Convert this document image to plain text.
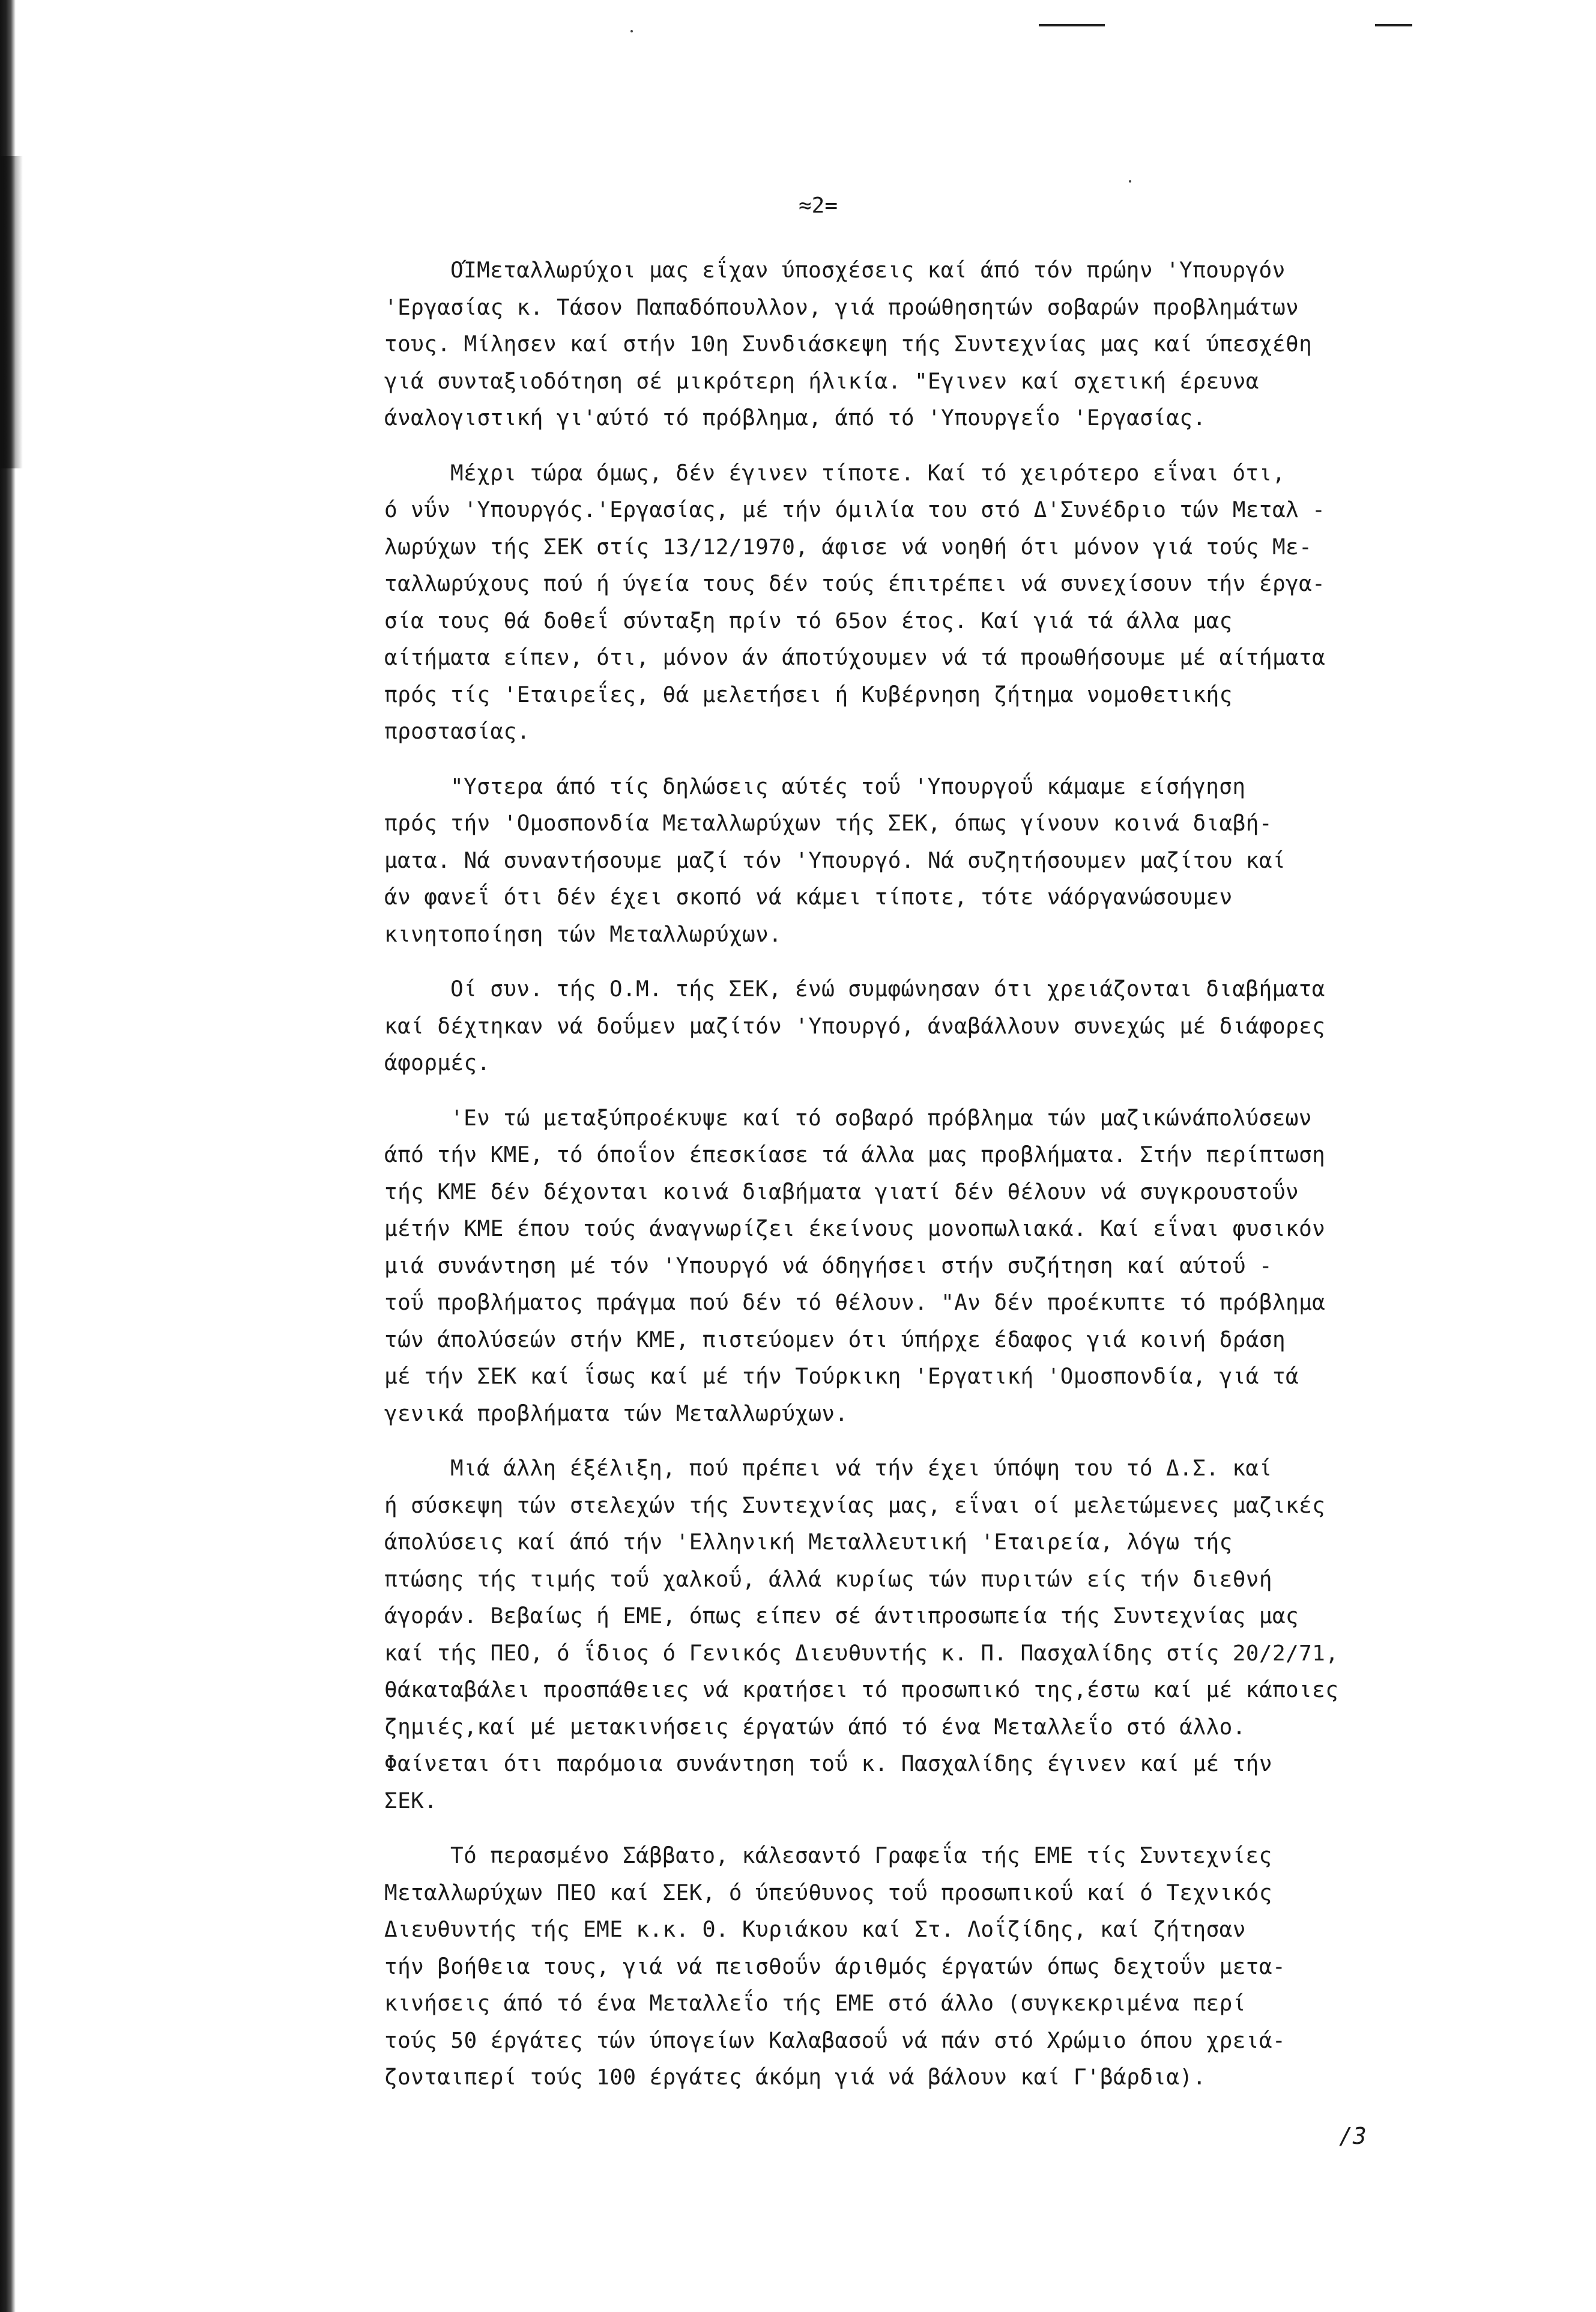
≈2=

ΟΊΜεταλλωρύχοι μας εΐχαν ύποσχέσεις καί άπό τόν πρώην 'Υπουργόν
'Εργασίας κ. Τάσον Παπαδόπουλλον, γιά προώθησητών σοβαρών προβλημάτων
τους. Μίλησεν καί στήν 10η Συνδιάσκεψη τής Συντεχνίας μας καί ύπεσχέθη
γιά συνταξιοδότηση σέ μικρότερη ήλικία. "Εγινεν καί σχετική έρευνα
άναλογιστική γι'αύτό τό πρόβλημα, άπό τό 'Υπουργεΐο 'Εργασίας.

Μέχρι τώρα όμως, δέν έγινεν τίποτε. Καί τό χειρότερο εΐναι ότι,
ό νΰν 'Υπουργός.'Εργασίας, μέ τήν όμιλία του στό Δ'Συνέδριο τών Μεταλ -
λωρύχων τής ΣΕΚ στίς 13/12/1970, άφισε νά νοηθή ότι μόνον γιά τούς Με-
ταλλωρύχους πού ή ύγεία τους δέν τούς έπιτρέπει νά συνεχίσουν τήν έργα-
σία τους θά δοθεΐ σύνταξη πρίν τό 65ον έτος. Καί γιά τά άλλα μας
αίτήματα είπεν, ότι, μόνον άν άποτύχουμεν νά τά προωθήσουμε μέ αίτήματα
πρός τίς 'Εταιρεΐες, θά μελετήσει ή Κυβέρνηση ζήτημα νομοθετικής
προστασίας.

"Υστερα άπό τίς δηλώσεις αύτές τοΰ 'Υπουργοΰ κάμαμε είσήγηση
πρός τήν 'Ομοσπονδία Μεταλλωρύχων τής ΣΕΚ, όπως γίνουν κοινά διαβή-
ματα. Νά συναντήσουμε μαζί τόν 'Υπουργό. Νά συζητήσουμεν μαζίτου καί
άν φανεΐ ότι δέν έχει σκοπό νά κάμει τίποτε, τότε νάόργανώσουμεν
κινητοποίηση τών Μεταλλωρύχων.

Οί συν. τής Ο.Μ. τής ΣΕΚ, ένώ συμφώνησαν ότι χρειάζονται διαβήματα
καί δέχτηκαν νά δοΰμεν μαζίτόν 'Υπουργό, άναβάλλουν συνεχώς μέ διάφορες
άφορμές.

'Εν τώ μεταξύπροέκυψε καί τό σοβαρό πρόβλημα τών μαζικώνάπολύσεων
άπό τήν ΚΜΕ, τό όποΐον έπεσκίασε τά άλλα μας προβλήματα. Στήν περίπτωση
τής ΚΜΕ δέν δέχονται κοινά διαβήματα γιατί δέν θέλουν νά συγκρουστοΰν
μέτήν ΚΜΕ έπου τούς άναγνωρίζει έκείνους μονοπωλιακά. Καί εΐναι φυσικόν
μιά συνάντηση μέ τόν 'Υπουργό νά όδηγήσει στήν συζήτηση καί αύτοΰ -
τοΰ προβλήματος πράγμα πού δέν τό θέλουν. "Αν δέν προέκυπτε τό πρόβλημα
τών άπολύσεών στήν ΚΜΕ, πιστεύομεν ότι ύπήρχε έδαφος γιά κοινή δράση
μέ τήν ΣΕΚ καί ΐσως καί μέ τήν Τούρκικη 'Εργατική 'Ομοσπονδία, γιά τά
γενικά προβλήματα τών Μεταλλωρύχων.

Μιά άλλη έξέλιξη, πού πρέπει νά τήν έχει ύπόψη του τό Δ.Σ. καί
ή σύσκεψη τών στελεχών τής Συντεχνίας μας, εΐναι οί μελετώμενες μαζικές
άπολύσεις καί άπό τήν 'Ελληνική Μεταλλευτική 'Εταιρεία, λόγω τής
πτώσης τής τιμής τοΰ χαλκοΰ, άλλά κυρίως τών πυριτών είς τήν διεθνή
άγοράν. Βεβαίως ή ΕΜΕ, όπως είπεν σέ άντιπροσωπεία τής Συντεχνίας μας
καί τής ΠΕΟ, ό ΐδιος ό Γενικός Διευθυντής κ. Π. Πασχαλίδης στίς 20/2/71,
θάκαταβάλει προσπάθειες νά κρατήσει τό προσωπικό της,έστω καί μέ κάποιες
ζημιές,καί μέ μετακινήσεις έργατών άπό τό ένα Μεταλλεΐο στό άλλο.
Φαίνεται ότι παρόμοια συνάντηση τοΰ κ. Πασχαλίδης έγινεν καί μέ τήν
ΣΕΚ.

Τό περασμένο Σάββατο, κάλεσαντό Γραφεΐα τής ΕΜΕ τίς Συντεχνίες
Μεταλλωρύχων ΠΕΟ καί ΣΕΚ, ό ύπεύθυνος τοΰ προσωπικοΰ καί ό Τεχνικός
Διευθυντής τής ΕΜΕ κ.κ. Θ. Κυριάκου καί Στ. Λοΐζίδης, καί ζήτησαν
τήν βοήθεια τους, γιά νά πεισθοΰν άριθμός έργατών όπως δεχτοΰν μετα-
κινήσεις άπό τό ένα Μεταλλεΐο τής ΕΜΕ στό άλλο (συγκεκριμένα περί
τούς 50 έργάτες τών ύπογείων Καλαβασοΰ νά πάν στό Χρώμιο όπου χρειά-
ζονταιπερί τούς 100 έργάτες άκόμη γιά νά βάλουν καί Γ'βάρδια).

/3
